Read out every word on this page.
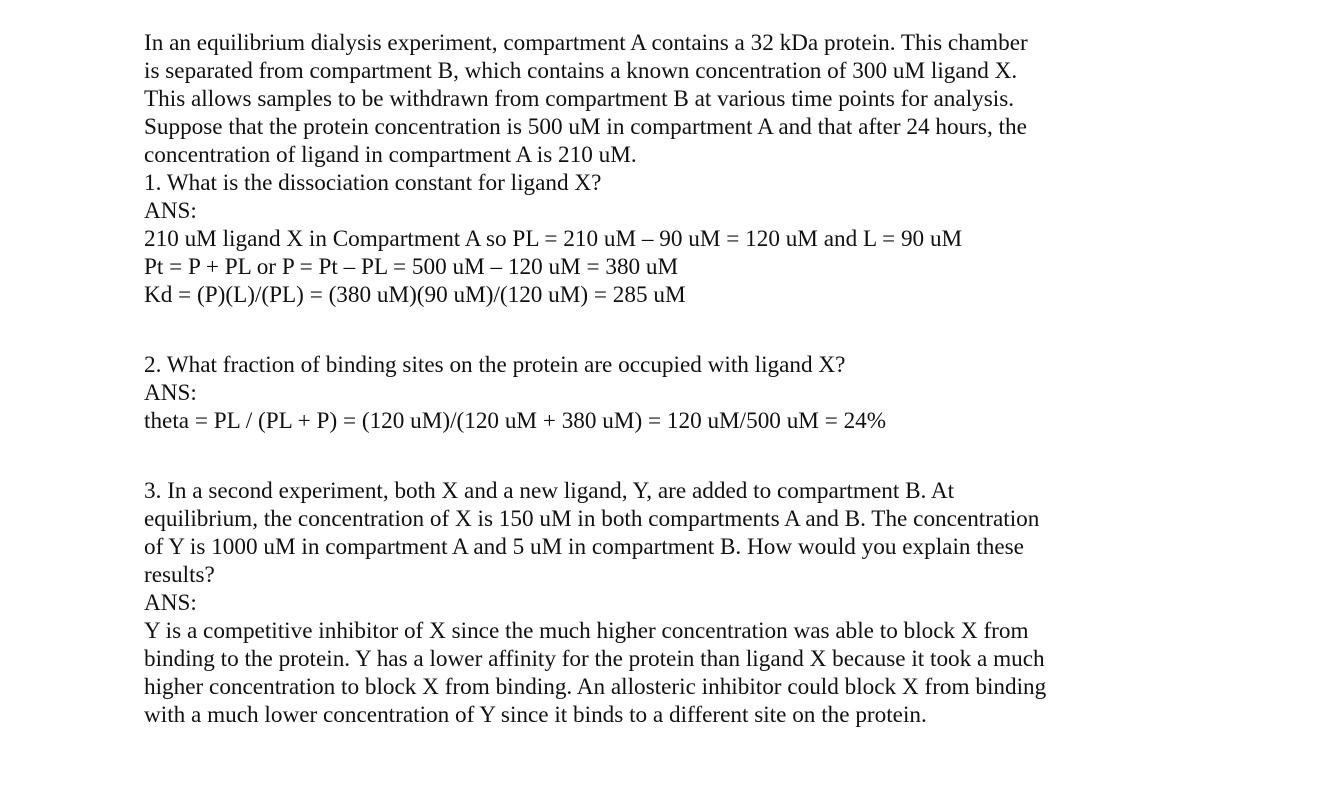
In an equilibrium dialysis experiment, compartment A contains a 32 kDa protein. This chamber
is separated from compartment B, which contains a known concentration of 300 uM ligand X.
This allows samples to be withdrawn from compartment B at various time points for analysis.
Suppose that the protein concentration is 500 uM in compartment A and that after 24 hours, the
concentration of ligand in compartment A is 210 uM.
1. What is the dissociation constant for ligand X?
ANS:
210 uM ligand X in Compartment A so PL = 210 uM – 90 uM = 120 uM and L = 90 uM
Pt = P + PL or P = Pt – PL = 500 uM – 120 uM = 380 uM
Kd = (P)(L)/(PL) = (380 uM)(90 uM)/(120 uM) = 285 uM
2. What fraction of binding sites on the protein are occupied with ligand X?
ANS:
theta = PL / (PL + P) = (120 uM)/(120 uM + 380 uM) = 120 uM/500 uM = 24%
3. In a second experiment, both X and a new ligand, Y, are added to compartment B. At
equilibrium, the concentration of X is 150 uM in both compartments A and B. The concentration
of Y is 1000 uM in compartment A and 5 uM in compartment B. How would you explain these
results?
ANS:
Y is a competitive inhibitor of X since the much higher concentration was able to block X from
binding to the protein. Y has a lower affinity for the protein than ligand X because it took a much
higher concentration to block X from binding. An allosteric inhibitor could block X from binding
with a much lower concentration of Y since it binds to a different site on the protein.
